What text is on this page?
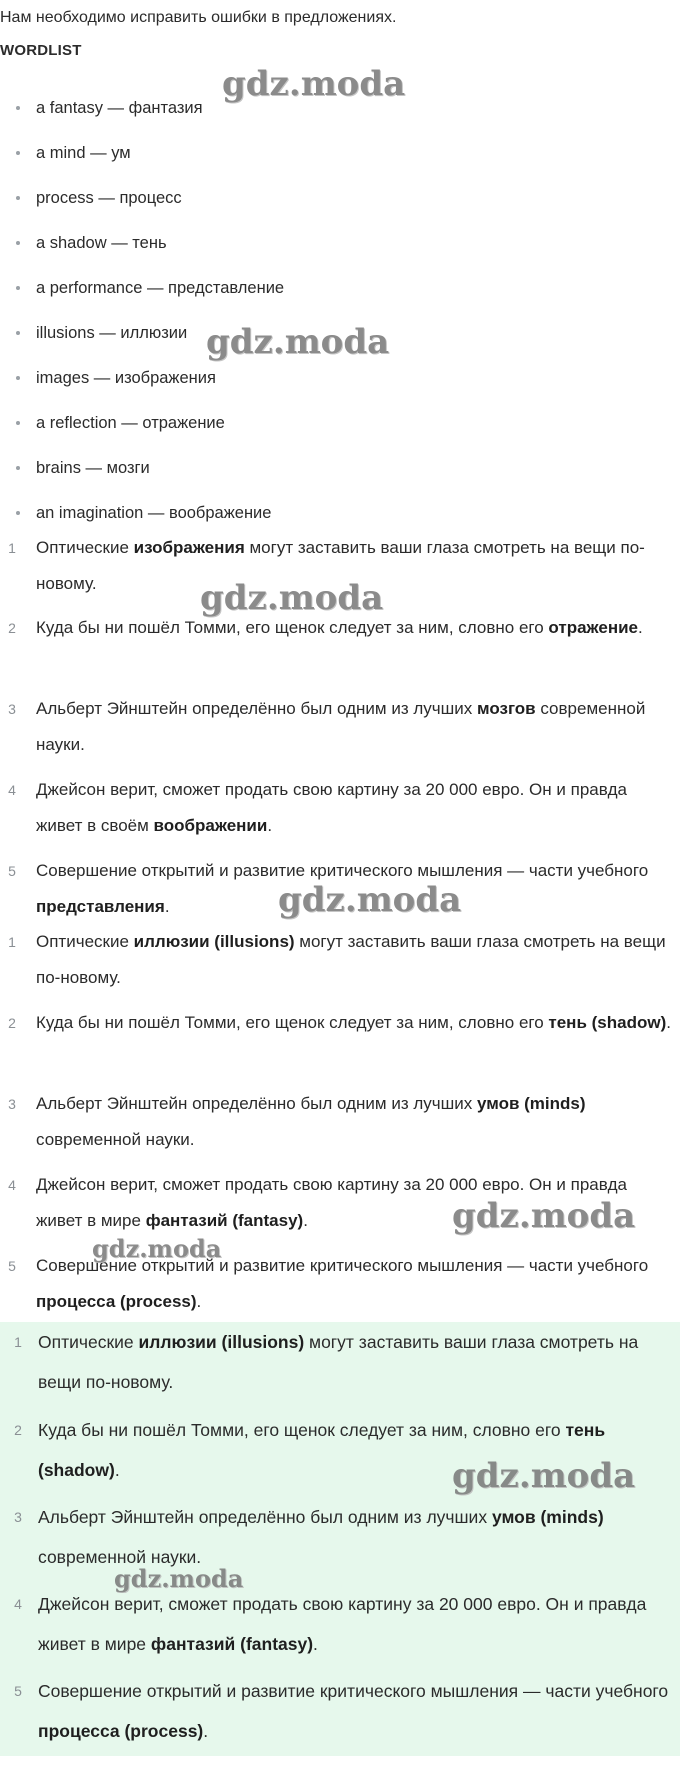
Нам необходимо исправить ошибки в предложениях.
WORDLIST
a fantasy — фантазия
a mind — ум
process — процесс
a shadow — тень
a performance — представление
illusions — иллюзии
images — изображения
a reflection — отражение
brains — мозги
an imagination — воображение
1	Оптические изображения могут заставить ваши глаза смотреть на вещи по-новому.
2	Куда бы ни пошёл Томми, его щенок следует за ним, словно его отражение.
3	Альберт Эйнштейн определённо был одним из лучших мозгов современной науки.
4	Джейсон верит, сможет продать свою картину за 20 000 евро. Он и правда живет в своём воображении.
5	Совершение открытий и развитие критического мышления — части учебного представления.
1	Оптические иллюзии (illusions) могут заставить ваши глаза смотреть на вещи по-новому.
2	Куда бы ни пошёл Томми, его щенок следует за ним, словно его тень (shadow).
3	Альберт Эйнштейн определённо был одним из лучших умов (minds) современной науки.
4	Джейсон верит, сможет продать свою картину за 20 000 евро. Он и правда живет в мире фантазий (fantasy).
5	Совершение открытий и развитие критического мышления — части учебного процесса (process).
1 Оптические иллюзии (illusions) могут заставить ваши глаза смотреть на вещи по-новому.
2 Куда бы ни пошёл Томми, его щенок следует за ним, словно его тень (shadow).
3 Альберт Эйнштейн определённо был одним из лучших умов (minds) современной науки.
4 Джейсон верит, сможет продать свою картину за 20 000 евро. Он и правда живет в мире фантазий (fantasy).
5 Совершение открытий и развитие критического мышления — части учебного процесса (process).
gdz.moda
gdz.moda
gdz.moda
gdz.moda
gdz.moda
gdz.moda
gdz.moda
gdz.moda
